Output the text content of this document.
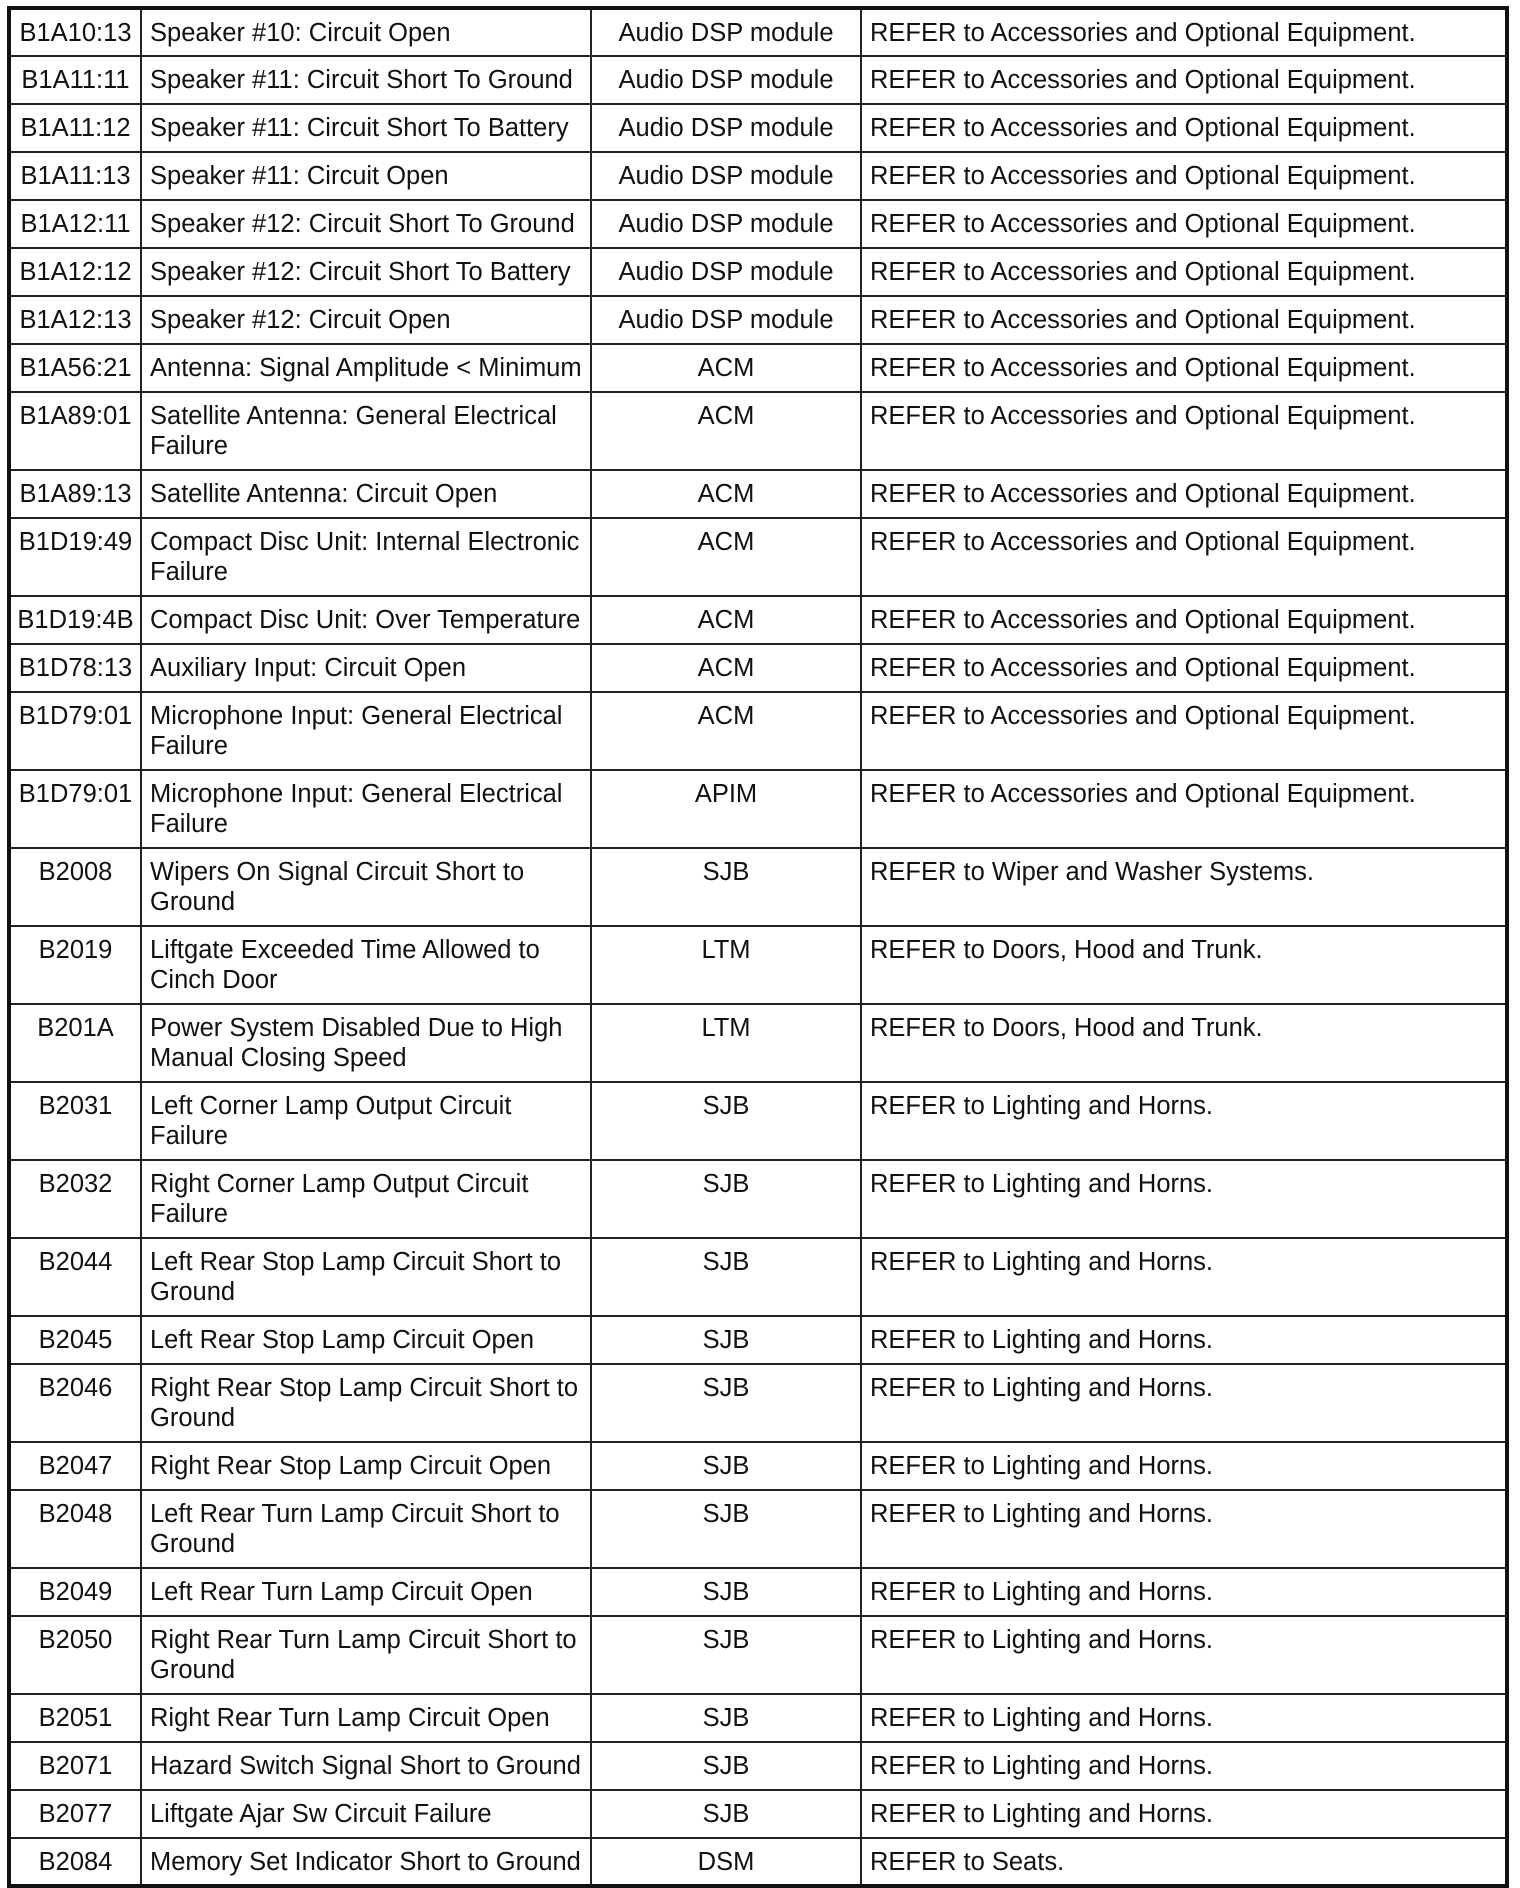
B1A10:13	Speaker #10: Circuit Open	Audio DSP module	REFER to Accessories and Optional Equipment.
B1A11:11	Speaker #11: Circuit Short To Ground	Audio DSP module	REFER to Accessories and Optional Equipment.
B1A11:12	Speaker #11: Circuit Short To Battery	Audio DSP module	REFER to Accessories and Optional Equipment.
B1A11:13	Speaker #11: Circuit Open	Audio DSP module	REFER to Accessories and Optional Equipment.
B1A12:11	Speaker #12: Circuit Short To Ground	Audio DSP module	REFER to Accessories and Optional Equipment.
B1A12:12	Speaker #12: Circuit Short To Battery	Audio DSP module	REFER to Accessories and Optional Equipment.
B1A12:13	Speaker #12: Circuit Open	Audio DSP module	REFER to Accessories and Optional Equipment.
B1A56:21	Antenna: Signal Amplitude < Minimum	ACM	REFER to Accessories and Optional Equipment.
B1A89:01	Satellite Antenna: General Electrical Failure	ACM	REFER to Accessories and Optional Equipment.
B1A89:13	Satellite Antenna: Circuit Open	ACM	REFER to Accessories and Optional Equipment.
B1D19:49	Compact Disc Unit: Internal Electronic Failure	ACM	REFER to Accessories and Optional Equipment.
B1D19:4B	Compact Disc Unit: Over Temperature	ACM	REFER to Accessories and Optional Equipment.
B1D78:13	Auxiliary Input: Circuit Open	ACM	REFER to Accessories and Optional Equipment.
B1D79:01	Microphone Input: General Electrical Failure	ACM	REFER to Accessories and Optional Equipment.
B1D79:01	Microphone Input: General Electrical Failure	APIM	REFER to Accessories and Optional Equipment.
B2008	Wipers On Signal Circuit Short to Ground	SJB	REFER to Wiper and Washer Systems.
B2019	Liftgate Exceeded Time Allowed to Cinch Door	LTM	REFER to Doors, Hood and Trunk.
B201A	Power System Disabled Due to High Manual Closing Speed	LTM	REFER to Doors, Hood and Trunk.
B2031	Left Corner Lamp Output Circuit Failure	SJB	REFER to Lighting and Horns.
B2032	Right Corner Lamp Output Circuit Failure	SJB	REFER to Lighting and Horns.
B2044	Left Rear Stop Lamp Circuit Short to Ground	SJB	REFER to Lighting and Horns.
B2045	Left Rear Stop Lamp Circuit Open	SJB	REFER to Lighting and Horns.
B2046	Right Rear Stop Lamp Circuit Short to Ground	SJB	REFER to Lighting and Horns.
B2047	Right Rear Stop Lamp Circuit Open	SJB	REFER to Lighting and Horns.
B2048	Left Rear Turn Lamp Circuit Short to Ground	SJB	REFER to Lighting and Horns.
B2049	Left Rear Turn Lamp Circuit Open	SJB	REFER to Lighting and Horns.
B2050	Right Rear Turn Lamp Circuit Short to Ground	SJB	REFER to Lighting and Horns.
B2051	Right Rear Turn Lamp Circuit Open	SJB	REFER to Lighting and Horns.
B2071	Hazard Switch Signal Short to Ground	SJB	REFER to Lighting and Horns.
B2077	Liftgate Ajar Sw Circuit Failure	SJB	REFER to Lighting and Horns.
B2084	Memory Set Indicator Short to Ground	DSM	REFER to Seats.
